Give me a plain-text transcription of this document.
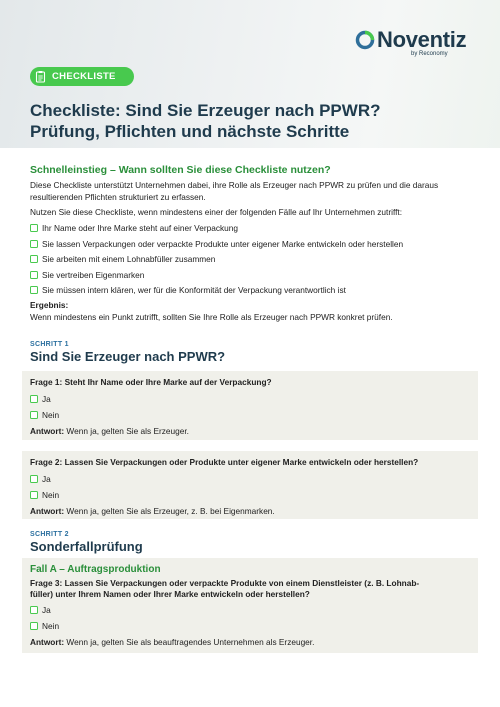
Noventiz
by Reconomy
CHECKLISTE
Checkliste: Sind Sie Erzeuger nach PPWR?
Prüfung, Pflichten und nächste Schritte
Schnelleinstieg – Wann sollten Sie diese Checkliste nutzen?
Diese Checkliste unterstützt Unternehmen dabei, ihre Rolle als Erzeuger nach PPWR zu prüfen und die daraus resultierenden Pflichten strukturiert zu erfassen.
Nutzen Sie diese Checkliste, wenn mindestens einer der folgenden Fälle auf Ihr Unternehmen zutrifft:
Ihr Name oder Ihre Marke steht auf einer Verpackung
Sie lassen Verpackungen oder verpackte Produkte unter eigener Marke entwickeln oder herstellen
Sie arbeiten mit einem Lohnabfüller zusammen
Sie vertreiben Eigenmarken
Sie müssen intern klären, wer für die Konformität der Verpackung verantwortlich ist
Ergebnis:
Wenn mindestens ein Punkt zutrifft, sollten Sie Ihre Rolle als Erzeuger nach PPWR konkret prüfen.
SCHRITT 1
Sind Sie Erzeuger nach PPWR?
Frage 1: Steht Ihr Name oder Ihre Marke auf der Verpackung?
Ja
Nein
Antwort: Wenn ja, gelten Sie als Erzeuger.
Frage 2: Lassen Sie Verpackungen oder Produkte unter eigener Marke entwickeln oder herstellen?
Ja
Nein
Antwort: Wenn ja, gelten Sie als Erzeuger, z. B. bei Eigenmarken.
SCHRITT 2
Sonderfallprüfung
Fall A – Auftragsproduktion
Frage 3: Lassen Sie Verpackungen oder verpackte Produkte von einem Dienstleister (z. B. Lohnab-
füller) unter Ihrem Namen oder Ihrer Marke entwickeln oder herstellen?
Ja
Nein
Antwort: Wenn ja, gelten Sie als beauftragendes Unternehmen als Erzeuger.
